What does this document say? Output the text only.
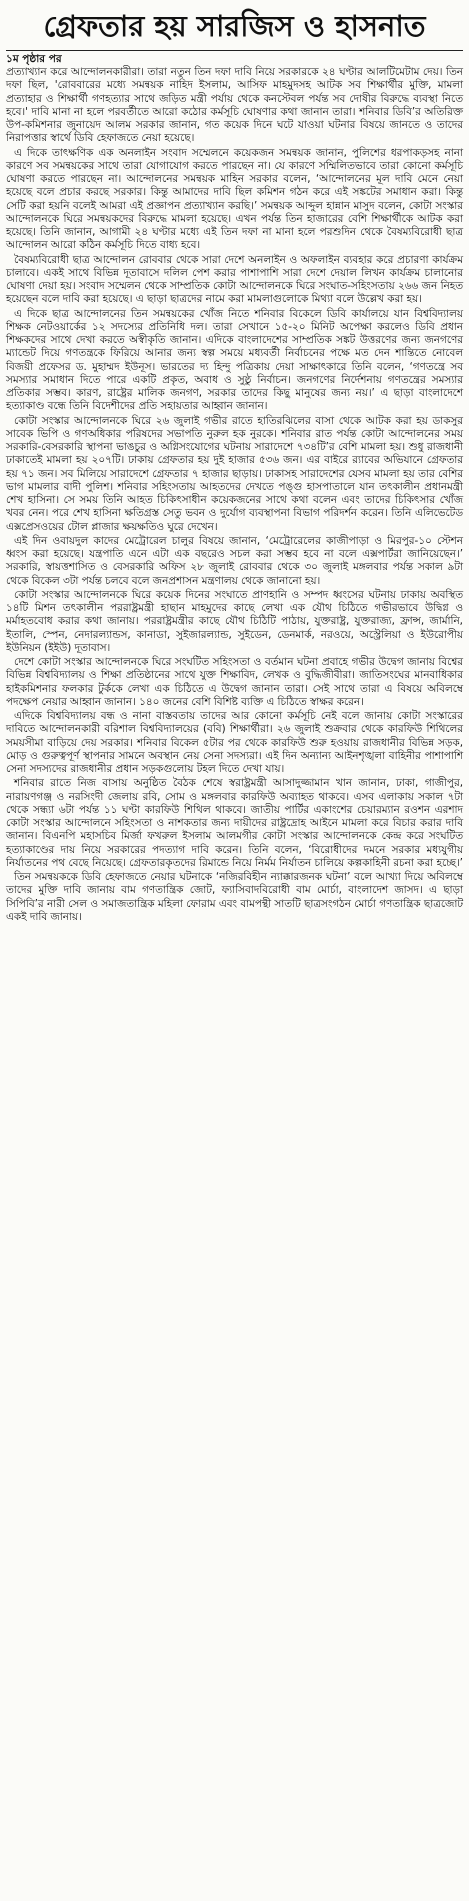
গ্রেফতার হয় সারজিস ও হাসনাত
১ম পৃষ্ঠার পর

প্রত্যাখ্যান করে আন্দোলনকারীরা। তারা নতুন তিন দফা দাবি নিয়ে সরকারকে ২৪ ঘণ্টার আলটিমেটাম দেয়। তিন দফা ছিল, 'রোববারের মধ্যে সমন্বয়ক নাহিদ ইসলাম, আসিফ মাহমুদসহ আটক সব শিক্ষার্থীর মুক্তি, মামলা প্রত্যাহার ও শিক্ষার্থী গণহত্যার সাথে জড়িত মন্ত্রী পর্যায় থেকে কনস্টেবল পর্যন্ত সব দোষীর বিরুদ্ধে ব্যবস্থা নিতে হবে।' দাবি মানা না হলে পরবর্তীতে আরো কঠোর কর্মসূচি ঘোষণার কথা জানান তারা। শনিবার ডিবি’র অতিরিক্ত উপ-কমিশনার জুনায়েদ আলম সরকার জানান, গত কয়েক দিনে ঘটে যাওয়া ঘটনার বিষয়ে জানতে ও তাদের নিরাপত্তার স্বার্থে ডিবি হেফাজতে নেয়া হয়েছে।

এ দিকে তাৎক্ষণিক এক অনলাইন সংবাদ সম্মেলনে কয়েকজন সমন্বয়ক জানান, পুলিশের ধরপাকড়সহ নানা কারণে সব সমন্বয়কের সাথে তারা যোগাযোগ করতে পারছেন না। যে কারণে সম্মিলিতভাবে তারা কোনো কর্মসূচি ঘোষণা করতে পারছেন না। আন্দোলনের সমন্বয়ক মাহিন সরকার বলেন, ‘আন্দোলনের মূল দাবি মেনে নেয়া হয়েছে বলে প্রচার করছে সরকার। কিন্তু আমাদের দাবি ছিল কমিশন গঠন করে এই সঙ্কটের সমাধান করা। কিন্তু সেটি করা হয়নি বলেই আমরা এই প্রজ্ঞাপন প্রত্যাখ্যান করছি।’ সমন্বয়ক আব্দুল হান্নান মাসুদ বলেন, কোটা সংস্কার আন্দোলনকে ঘিরে সমন্বয়কদের বিরুদ্ধে মামলা হয়েছে। এখন পর্যন্ত তিন হাজারের বেশি শিক্ষার্থীকে আটক করা হয়েছে। তিনি জানান, আগামী ২৪ ঘণ্টার মধ্যে এই তিন দফা না মানা হলে পরশুদিন থেকে বৈষম্যবিরোধী ছাত্র আন্দোলন আরো কঠিন কর্মসূচি দিতে বাধ্য হবে।

বৈষম্যবিরোধী ছাত্র আন্দোলন রোববার থেকে সারা দেশে অনলাইন ও অফলাইন ব্যবহার করে প্রচারণা কার্যক্রম চালাবে। একই সাথে বিভিন্ন দূতাবাসে দলিল পেশ করার পাশাপাশি সারা দেশে দেয়াল লিখন কার্যক্রম চালানোর ঘোষণা দেয়া হয়। সংবাদ সম্মেলন থেকে সাম্প্রতিক কোটা আন্দোলনকে ঘিরে সংঘাত-সহিংসতায় ২৬৬ জন নিহত হয়েছেন বলে দাবি করা হয়েছে। এ ছাড়া ছাত্রদের নামে করা মামলাগুলোকে মিথ্যা বলে উল্লেখ করা হয়।

এ দিকে ছাত্র আন্দোলনের তিন সমন্বয়কের খোঁজ নিতে শনিবার বিকেলে ডিবি কার্যালয়ে যান বিশ্ববিদ্যালয় শিক্ষক নেটওয়ার্কের ১২ সদস্যের প্রতিনিধি দল। তারা সেখানে ১৫-২০ মিনিট অপেক্ষা করলেও ডিবি প্রধান শিক্ষকদের সাথে দেখা করতে অস্বীকৃতি জানান। এদিকে বাংলাদেশের সাম্প্রতিক সঙ্কট উত্তরণের জন্য জনগণের ম্যান্ডেট দিয়ে গণতন্ত্রকে ফিরিয়ে আনার জন্য স্বল্প সময়ে মধ্যবর্তী নির্বাচনের পক্ষে মত দেন শান্তিতে নোবেল বিজয়ী প্রফেসর ড. মুহাম্মদ ইউনূস। ভারতের দ্য হিন্দু পত্রিকায় দেয়া সাক্ষাৎকারে তিনি বলেন, ‘গণতন্ত্রে সব সমস্যার সমাধান দিতে পারে একটি প্রকৃত, অবাধ ও সুষ্ঠু নির্বাচন। জনগণের নির্দেশনায় গণতন্ত্রের সমস্যার প্রতিকার সম্ভব। কারণ, রাষ্ট্রের মালিক জনগণ, সরকার তাদের কিছু মানুষের জন্য নয়।’ এ ছাড়া বাংলাদেশে হত্যাকাণ্ড বন্ধে তিনি বিদেশীদের প্রতি সহায়তার আহ্বান জানান।

কোটা সংস্কার আন্দোলনকে ঘিরে ২৬ জুলাই গভীর রাতে হাতিরঝিলের বাসা থেকে আটক করা হয় ডাকসুর সাবেক ভিপি ও গণঅধিকার পরিষদের সভাপতি নুরুল হক নুরকে। শনিবার রাত পর্যন্ত কোটা আন্দোলনের সময় সরকারি-বেসরকারি স্থাপনা ভাঙচুর ও অগ্নিসংযোগের ঘটনায় সারাদেশে ৭৩৪টি’র বেশি মামলা হয়। শুধু রাজধানী ঢাকাতেই মামলা হয় ২০৭টি। ঢাকায় গ্রেফতার হয় দুই হাজার ৫৩৬ জন। এর বাইরে র‌্যাবের অভিযানে গ্রেফতার হয় ৭১ জন। সব মিলিয়ে সারাদেশে গ্রেফতার ৭ হাজার ছাড়ায়। ঢাকাসহ সারাদেশের যেসব মামলা হয় তার বেশির ভাগ মামলার বাদী পুলিশ। শনিবার সহিংসতায় আহতদের দেখতে পঙ্গু হাসপাতালে যান তৎকালীন প্রধানমন্ত্রী শেখ হাসিনা। সে সময় তিনি আহত চিকিৎসাধীন কয়েকজনের সাথে কথা বলেন এবং তাদের চিকিৎসার খোঁজ খবর নেন। পরে শেখ হাসিনা ক্ষতিগ্রস্ত সেতু ভবন ও দুর্যোগ ব্যবস্থাপনা বিভাগ পরিদর্শন করেন। তিনি এলিভেটেড এক্সপ্রেসওয়ের টোল প্লাজার ক্ষয়ক্ষতিও ঘুরে দেখেন।

এই দিন ওবায়দুল কাদের মেট্রোরেল চালুর বিষয়ে জানান, ‘মেট্রোরেলের কাজীপাড়া ও মিরপুর-১০ স্টেশন ধ্বংস করা হয়েছে। যন্ত্রপাতি এনে এটা এক বছরেও সচল করা সম্ভব হবে না বলে এক্সপার্টরা জানিয়েছেন।’ সরকারি, স্বায়ত্তশাসিত ও বেসরকারি অফিস ২৮ জুলাই রোববার থেকে ৩০ জুলাই মঙ্গলবার পর্যন্ত সকাল ৯টা থেকে বিকেল ৩টা পর্যন্ত চলবে বলে জনপ্রশাসন মন্ত্রণালয় থেকে জানানো হয়।

কোটা সংস্কার আন্দোলনকে ঘিরে কয়েক দিনের সংঘাতে প্রাণহানি ও সম্পদ ধ্বংসের ঘটনায় ঢাকায় অবস্থিত ১৪টি মিশন তৎকালীন পররাষ্ট্রমন্ত্রী হাছান মাহমুদের কাছে লেখা এক যৌথ চিঠিতে গভীরভাবে উদ্বিগ্ন ও মর্মাহতবোধ করার কথা জানায়। পররাষ্ট্রমন্ত্রীর কাছে যৌথ চিঠিটি পাঠায়, যুক্তরাষ্ট্র, যুক্তরাজ্য, ফ্রান্স, জার্মানি, ইতালি, স্পেন, নেদারল্যান্ডস, কানাডা, সুইজারল্যান্ড, সুইডেন, ডেনমার্ক, নরওয়ে, অস্ট্রেলিয়া ও ইউরোপীয় ইউনিয়ন (ইইউ) দূতাবাস।

দেশে কোটা সংস্কার আন্দোলনকে ঘিরে সংঘটিত সহিংসতা ও বর্তমান ঘটনা প্রবাহে গভীর উদ্বেগ জানায় বিশ্বের বিভিন্ন বিশ্ববিদ্যালয় ও শিক্ষা প্রতিষ্ঠানের সাথে যুক্ত শিক্ষাবিদ, লেখক ও বুদ্ধিজীবীরা। জাতিসংঘের মানবাধিকার হাইকমিশনার ফলকার টুর্ককে লেখা এক চিঠিতে এ উদ্বেগ জানান তারা। সেই সাথে তারা এ বিষয়ে অবিলম্বে পদক্ষেপ নেয়ার আহ্বান জানান। ১৪০ জনের বেশি বিশিষ্ট ব্যক্তি এ চিঠিতে স্বাক্ষর করেন।

এদিকে বিশ্ববিদ্যালয় বন্ধ ও নানা বাস্তবতায় তাদের আর কোনো কর্মসূচি নেই বলে জানায় কোটা সংস্কারের দাবিতে আন্দোলনকারী বরিশাল বিশ্ববিদ্যালয়ের (ববি) শিক্ষার্থীরা। ২৬ জুলাই শুক্রবার থেকে কারফিউ শিথিলের সময়সীমা বাড়িয়ে দেয় সরকার। শনিবার বিকেল ৫টার পর থেকে কারফিউ শুরু হওয়ায় রাজধানীর বিভিন্ন সড়ক, মোড় ও গুরুত্বপূর্ণ স্থাপনার সামনে অবস্থান নেয় সেনা সদস্যরা। এই দিন অন্যান্য আইনশৃঙ্খলা বাহিনীর পাশাপাশি সেনা সদস্যদের রাজধানীর প্রধান সড়কগুলোয় টহল দিতে দেখা যায়।

শনিবার রাতে নিজ বাসায় অনুষ্ঠিত বৈঠক শেষে স্বরাষ্ট্রমন্ত্রী আসাদুজ্জামান খান জানান, ঢাকা, গাজীপুর, নারায়ণগঞ্জ ও নরসিংদী জেলায় রবি, সোম ও মঙ্গলবার কারফিউ অব্যাহত থাকবে। এসব এলাকায় সকাল ৭টা থেকে সন্ধ্যা ৬টা পর্যন্ত ১১ ঘণ্টা কারফিউ শিথিল থাকবে। জাতীয় পার্টির একাংশের চেয়ারম্যান রওশন এরশাদ কোটা সংস্কার আন্দোলনে সহিংসতা ও নাশকতার জন্য দায়ীদের রাষ্ট্রদ্রোহ আইনে মামলা করে বিচার করার দাবি জানান। বিএনপি মহাসচিব মির্জা ফখরুল ইসলাম আলমগীর কোটা সংস্কার আন্দোলনকে কেন্দ্র করে সংঘটিত হত্যাকাণ্ডের দায় নিয়ে সরকারের পদত্যাগ দাবি করেন। তিনি বলেন, ‘বিরোধীদের দমনে সরকার মধ্যযুগীয় নির্যাতনের পথ বেছে নিয়েছে। গ্রেফতারকৃতদের রিমান্ডে নিয়ে নির্মম নির্যাতন চালিয়ে কল্পকাহিনী রচনা করা হচ্ছে।’

তিন সমন্বয়ককে ডিবি হেফাজতে নেয়ার ঘটনাকে ‘নজিরবিহীন ন্যাক্কারজনক ঘটনা’ বলে আখ্যা দিয়ে অবিলম্বে তাদের মুক্তি দাবি জানায় বাম গণতান্ত্রিক জোট, ফ্যাসিবাদবিরোধী বাম মোর্চা, বাংলাদেশ জাসদ। এ ছাড়া সিপিবি’র নারী সেল ও সমাজতান্ত্রিক মহিলা ফোরাম এবং বামপন্থী সাতটি ছাত্রসংগঠন মোর্চা গণতান্ত্রিক ছাত্রজোট একই দাবি জানায়।
